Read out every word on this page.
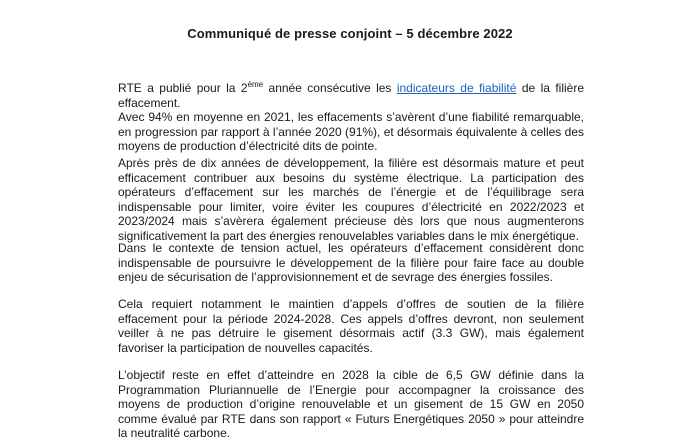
Communiqué de presse conjoint – 5 décembre 2022

RTE a publié pour la 2ème année consécutive les indicateurs de fiabilité de la filière effacement.
Avec 94% en moyenne en 2021, les effacements s’avèrent d’une fiabilité remarquable, en progression par rapport à l’année 2020 (91%), et désormais équivalente à celles des moyens de production d’électricité dits de pointe.

Après près de dix années de développement, la filière est désormais mature et peut efficacement contribuer aux besoins du système électrique. La participation des opérateurs d’effacement sur les marchés de l’énergie et de l’équilibrage sera indispensable pour limiter, voire éviter les coupures d’électricité en 2022/2023 et 2023/2024 mais s’avèrera également précieuse dès lors que nous augmenterons significativement la part des énergies renouvelables variables dans le mix énergétique.

Dans le contexte de tension actuel, les opérateurs d’effacement considèrent donc indispensable de poursuivre le développement de la filière pour faire face au double enjeu de sécurisation de l’approvisionnement et de sevrage des énergies fossiles.

Cela requiert notamment le maintien d’appels d’offres de soutien de la filière effacement pour la période 2024-2028. Ces appels d’offres devront, non seulement veiller à ne pas détruire le gisement désormais actif (3.3 GW), mais également favoriser la participation de nouvelles capacités.

L’objectif reste en effet d’atteindre en 2028 la cible de 6,5 GW définie dans la Programmation Pluriannuelle de l’Energie pour accompagner la croissance des moyens de production d’origine renouvelable et un gisement de 15 GW en 2050 comme évalué par RTE dans son rapport « Futurs Energétiques 2050 » pour atteindre la neutralité carbone.
